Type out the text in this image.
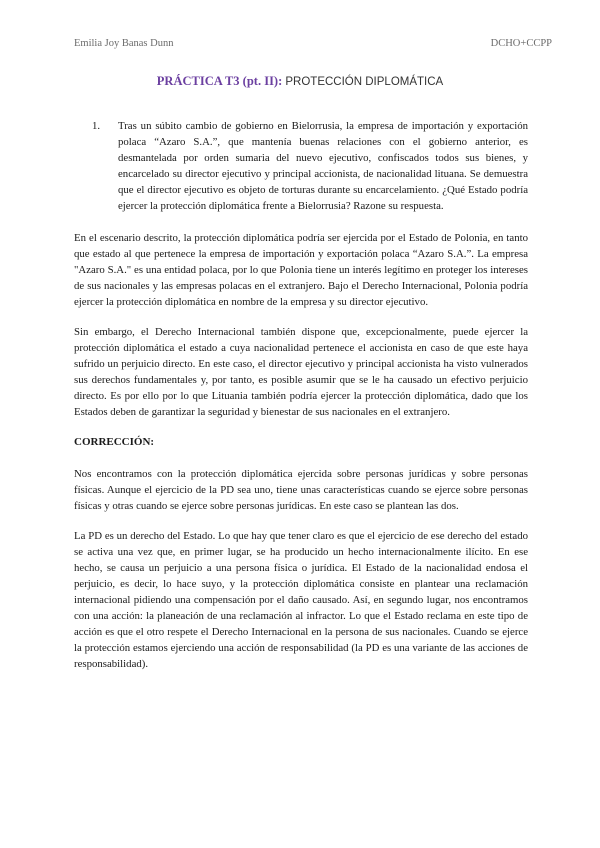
Emilia Joy Banas Dunn	DCHO+CCPP
PRÁCTICA T3 (pt. II): PROTECCIÓN DIPLOMÁTICA
1.	Tras un súbito cambio de gobierno en Bielorrusia, la empresa de importación y exportación polaca “Azaro S.A.”, que mantenía buenas relaciones con el gobierno anterior, es desmantelada por orden sumaria del nuevo ejecutivo, confiscados todos sus bienes, y encarcelado su director ejecutivo y principal accionista, de nacionalidad lituana. Se demuestra que el director ejecutivo es objeto de torturas durante su encarcelamiento. ¿Qué Estado podría ejercer la protección diplomática frente a Bielorrusia? Razone su respuesta.

En el escenario descrito, la protección diplomática podría ser ejercida por el Estado de Polonia, en tanto que estado al que pertenece la empresa de importación y exportación polaca “Azaro S.A.”. La empresa "Azaro S.A." es una entidad polaca, por lo que Polonia tiene un interés legítimo en proteger los intereses de sus nacionales y las empresas polacas en el extranjero. Bajo el Derecho Internacional, Polonia podría ejercer la protección diplomática en nombre de la empresa y su director ejecutivo.

Sin embargo, el Derecho Internacional también dispone que, excepcionalmente, puede ejercer la protección diplomática el estado a cuya nacionalidad pertenece el accionista en caso de que este haya sufrido un perjuicio directo. En este caso, el director ejecutivo y principal accionista ha visto vulnerados sus derechos fundamentales y, por tanto, es posible asumir que se le ha causado un efectivo perjuicio directo. Es por ello por lo que Lituania también podría ejercer la protección diplomática, dado que los Estados deben de garantizar la seguridad y bienestar de sus nacionales en el extranjero.

CORRECCIÓN:

Nos encontramos con la protección diplomática ejercida sobre personas jurídicas y sobre personas físicas. Aunque el ejercicio de la PD sea uno, tiene unas características cuando se ejerce sobre personas físicas y otras cuando se ejerce sobre personas jurídicas. En este caso se plantean las dos.

La PD es un derecho del Estado. Lo que hay que tener claro es que el ejercicio de ese derecho del estado se activa una vez que, en primer lugar, se ha producido un hecho internacionalmente ilícito. En ese hecho, se causa un perjuicio a una persona física o jurídica. El Estado de la nacionalidad endosa el perjuicio, es decir, lo hace suyo, y la protección diplomática consiste en plantear una reclamación internacional pidiendo una compensación por el daño causado. Así, en segundo lugar, nos encontramos con una acción: la planeación de una reclamación al infractor. Lo que el Estado reclama en este tipo de acción es que el otro respete el Derecho Internacional en la persona de sus nacionales. Cuando se ejerce la protección estamos ejerciendo una acción de responsabilidad (la PD es una variante de las acciones de responsabilidad).
